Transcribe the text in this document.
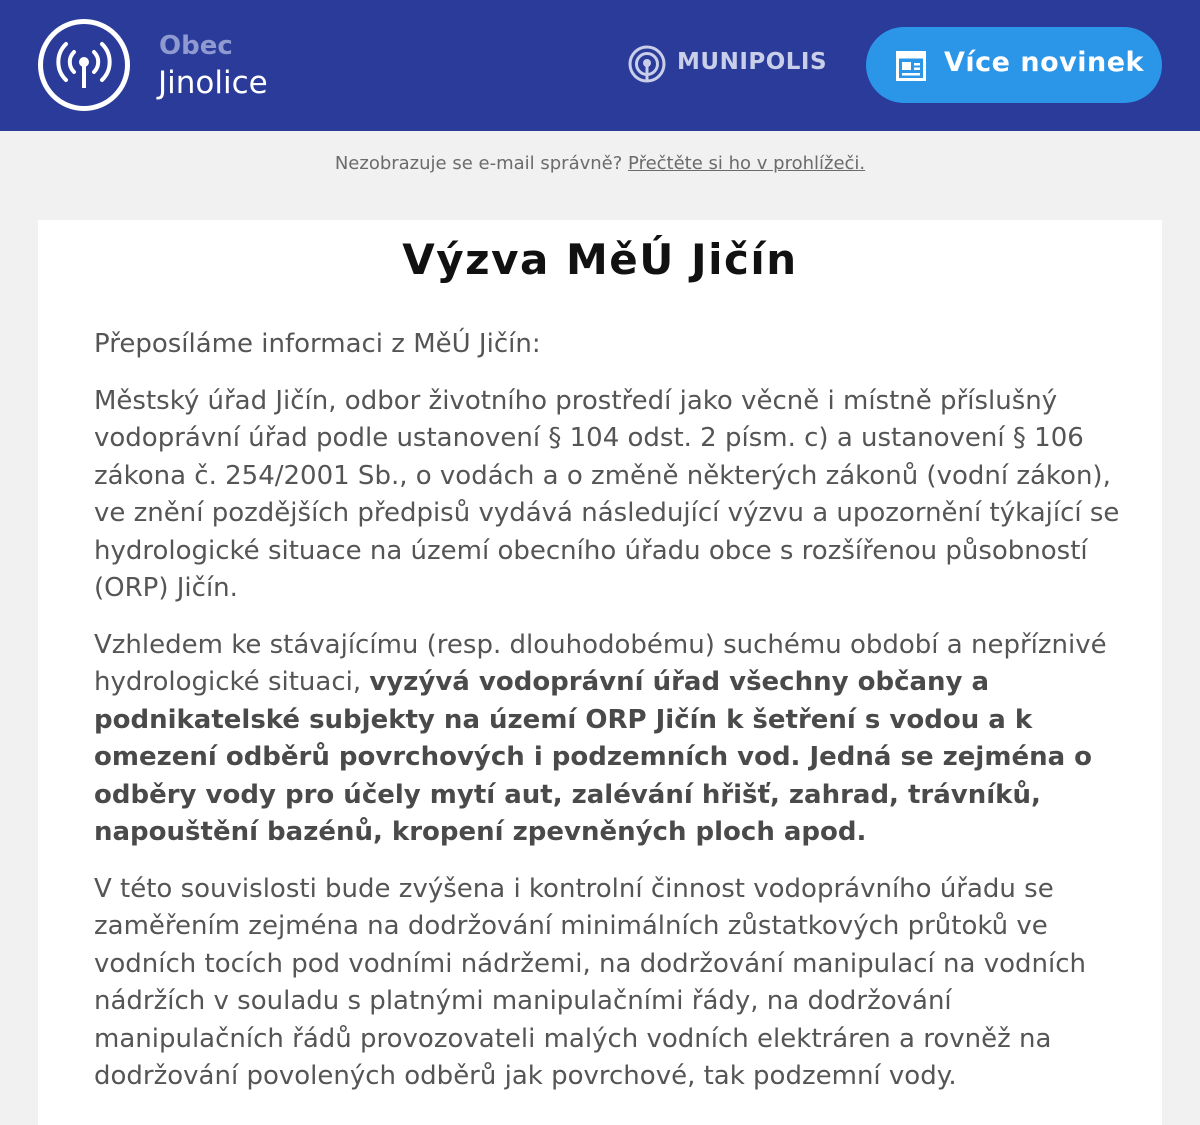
Obec
Jinolice
MUNIPOLIS	Více novinek
Nezobrazuje se e-mail správně? Přečtěte si ho v prohlížeči.
Výzva MěÚ Jičín

Přeposíláme informaci z MěÚ Jičín:

Městský úřad Jičín, odbor životního prostředí jako věcně i místně příslušný vodoprávní úřad podle ustanovení § 104 odst. 2 písm. c) a ustanovení § 106 zákona č. 254/2001 Sb., o vodách a o změně některých zákonů (vodní zákon), ve znění pozdějších předpisů vydává následující výzvu a upozornění týkající se hydrologické situace na území obecního úřadu obce s rozšířenou působností (ORP) Jičín.

Vzhledem ke stávajícímu (resp. dlouhodobému) suchému období a nepříznivé hydrologické situaci, vyzývá vodoprávní úřad všechny občany a podnikatelské subjekty na území ORP Jičín k šetření s vodou a k omezení odběrů povrchových i podzemních vod. Jedná se zejména o odběry vody pro účely mytí aut, zalévání hřišť, zahrad, trávníků, napouštění bazénů, kropení zpevněných ploch apod.

V této souvislosti bude zvýšena i kontrolní činnost vodoprávního úřadu se zaměřením zejména na dodržování minimálních zůstatkových průtoků ve vodních tocích pod vodními nádržemi, na dodržování manipulací na vodních nádržích v souladu s platnými manipulačními řády, na dodržování manipulačních řádů provozovateli malých vodních elektráren a rovněž na dodržování povolených odběrů jak povrchové, tak podzemní vody.
